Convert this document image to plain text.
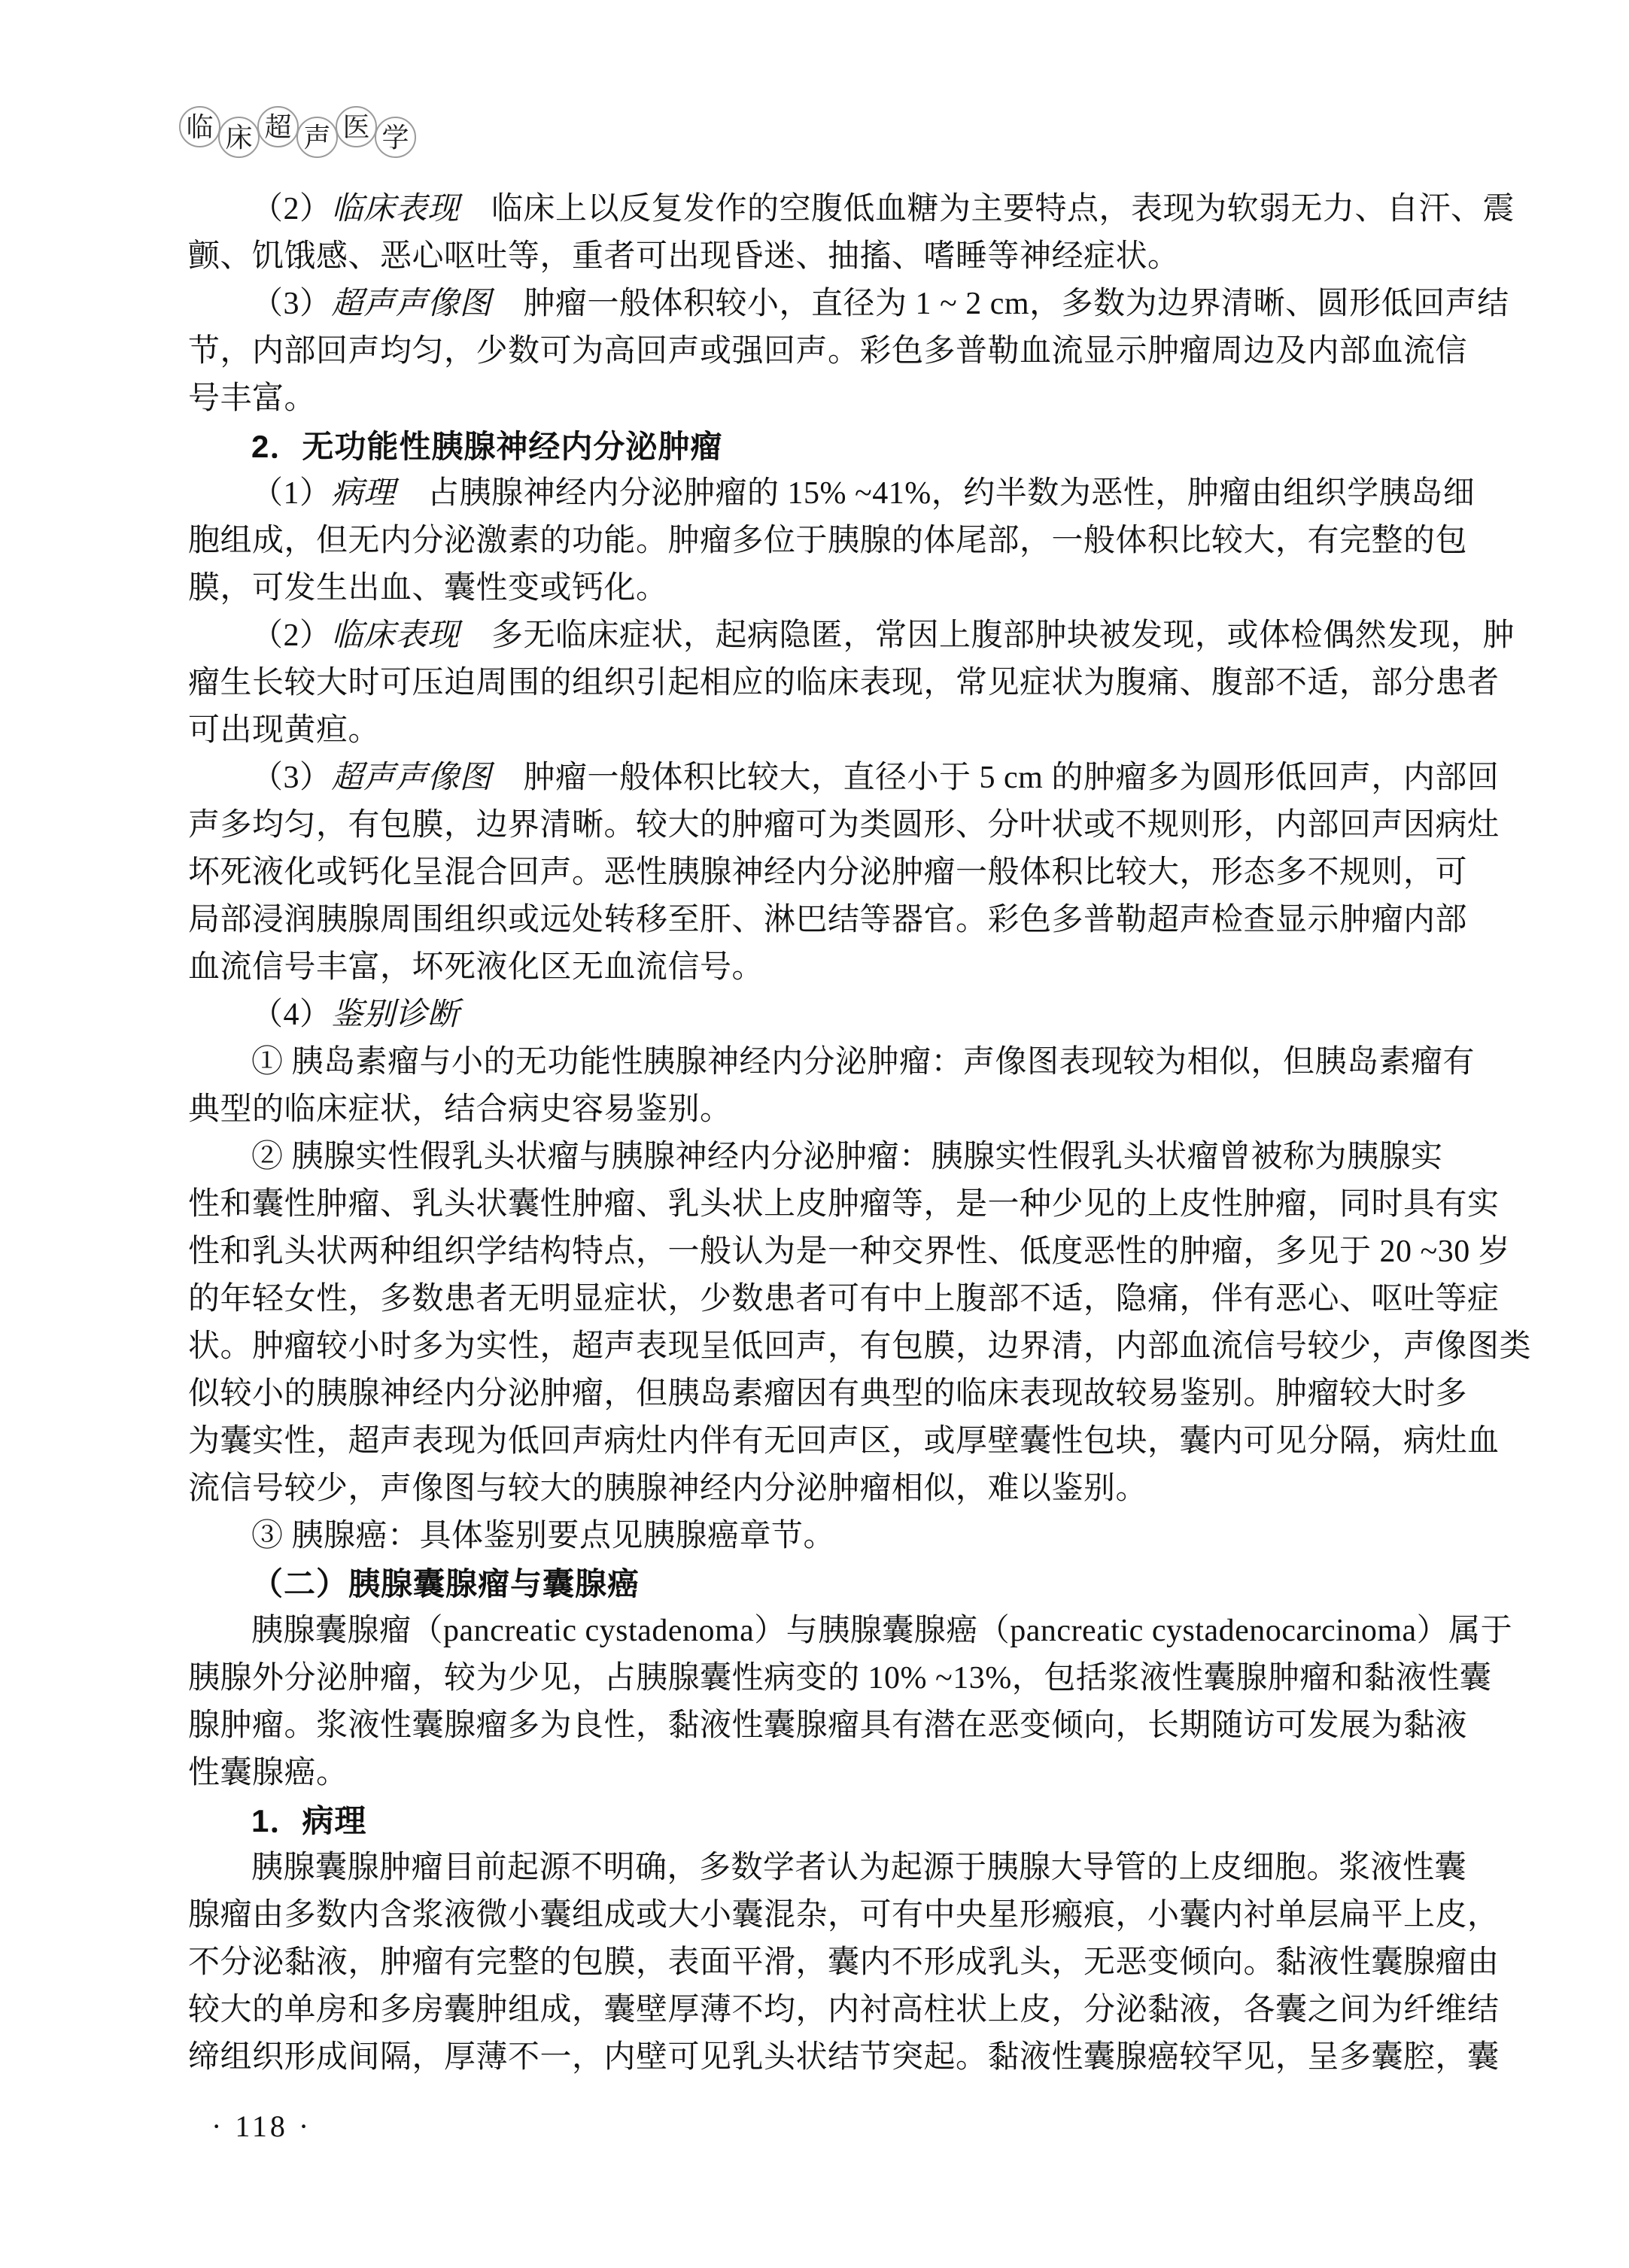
临 床 超 声 医 学
（2）临床表现　临床上以反复发作的空腹低血糖为主要特点，表现为软弱无力、自汗、震
颤、饥饿感、恶心呕吐等，重者可出现昏迷、抽搐、嗜睡等神经症状。
（3）超声声像图　肿瘤一般体积较小，直径为 1 ~ 2 cm，多数为边界清晰、圆形低回声结
节，内部回声均匀，少数可为高回声或强回声。彩色多普勒血流显示肿瘤周边及内部血流信
号丰富。
2．无功能性胰腺神经内分泌肿瘤
（1）病理　占胰腺神经内分泌肿瘤的 15% ~41%，约半数为恶性，肿瘤由组织学胰岛细
胞组成，但无内分泌激素的功能。肿瘤多位于胰腺的体尾部，一般体积比较大，有完整的包
膜，可发生出血、囊性变或钙化。
（2）临床表现　多无临床症状，起病隐匿，常因上腹部肿块被发现，或体检偶然发现，肿
瘤生长较大时可压迫周围的组织引起相应的临床表现，常见症状为腹痛、腹部不适，部分患者
可出现黄疸。
（3）超声声像图　肿瘤一般体积比较大，直径小于 5 cm 的肿瘤多为圆形低回声，内部回
声多均匀，有包膜，边界清晰。较大的肿瘤可为类圆形、分叶状或不规则形，内部回声因病灶
坏死液化或钙化呈混合回声。恶性胰腺神经内分泌肿瘤一般体积比较大，形态多不规则，可
局部浸润胰腺周围组织或远处转移至肝、淋巴结等器官。彩色多普勒超声检查显示肿瘤内部
血流信号丰富，坏死液化区无血流信号。
（4）鉴别诊断
① 胰岛素瘤与小的无功能性胰腺神经内分泌肿瘤：声像图表现较为相似，但胰岛素瘤有
典型的临床症状，结合病史容易鉴别。
② 胰腺实性假乳头状瘤与胰腺神经内分泌肿瘤：胰腺实性假乳头状瘤曾被称为胰腺实
性和囊性肿瘤、乳头状囊性肿瘤、乳头状上皮肿瘤等，是一种少见的上皮性肿瘤，同时具有实
性和乳头状两种组织学结构特点，一般认为是一种交界性、低度恶性的肿瘤，多见于 20 ~30 岁
的年轻女性，多数患者无明显症状，少数患者可有中上腹部不适，隐痛，伴有恶心、呕吐等症
状。肿瘤较小时多为实性，超声表现呈低回声，有包膜，边界清，内部血流信号较少，声像图类
似较小的胰腺神经内分泌肿瘤，但胰岛素瘤因有典型的临床表现故较易鉴别。肿瘤较大时多
为囊实性，超声表现为低回声病灶内伴有无回声区，或厚壁囊性包块，囊内可见分隔，病灶血
流信号较少，声像图与较大的胰腺神经内分泌肿瘤相似，难以鉴别。
③ 胰腺癌：具体鉴别要点见胰腺癌章节。
（二）胰腺囊腺瘤与囊腺癌
胰腺囊腺瘤（pancreatic cystadenoma）与胰腺囊腺癌（pancreatic cystadenocarcinoma）属于
胰腺外分泌肿瘤，较为少见，占胰腺囊性病变的 10% ~13%，包括浆液性囊腺肿瘤和黏液性囊
腺肿瘤。浆液性囊腺瘤多为良性，黏液性囊腺瘤具有潜在恶变倾向，长期随访可发展为黏液
性囊腺癌。
1．病理
胰腺囊腺肿瘤目前起源不明确，多数学者认为起源于胰腺大导管的上皮细胞。浆液性囊
腺瘤由多数内含浆液微小囊组成或大小囊混杂，可有中央星形瘢痕，小囊内衬单层扁平上皮，
不分泌黏液，肿瘤有完整的包膜，表面平滑，囊内不形成乳头，无恶变倾向。黏液性囊腺瘤由
较大的单房和多房囊肿组成，囊壁厚薄不均，内衬高柱状上皮，分泌黏液，各囊之间为纤维结
缔组织形成间隔，厚薄不一，内壁可见乳头状结节突起。黏液性囊腺癌较罕见，呈多囊腔，囊
· 118 ·
